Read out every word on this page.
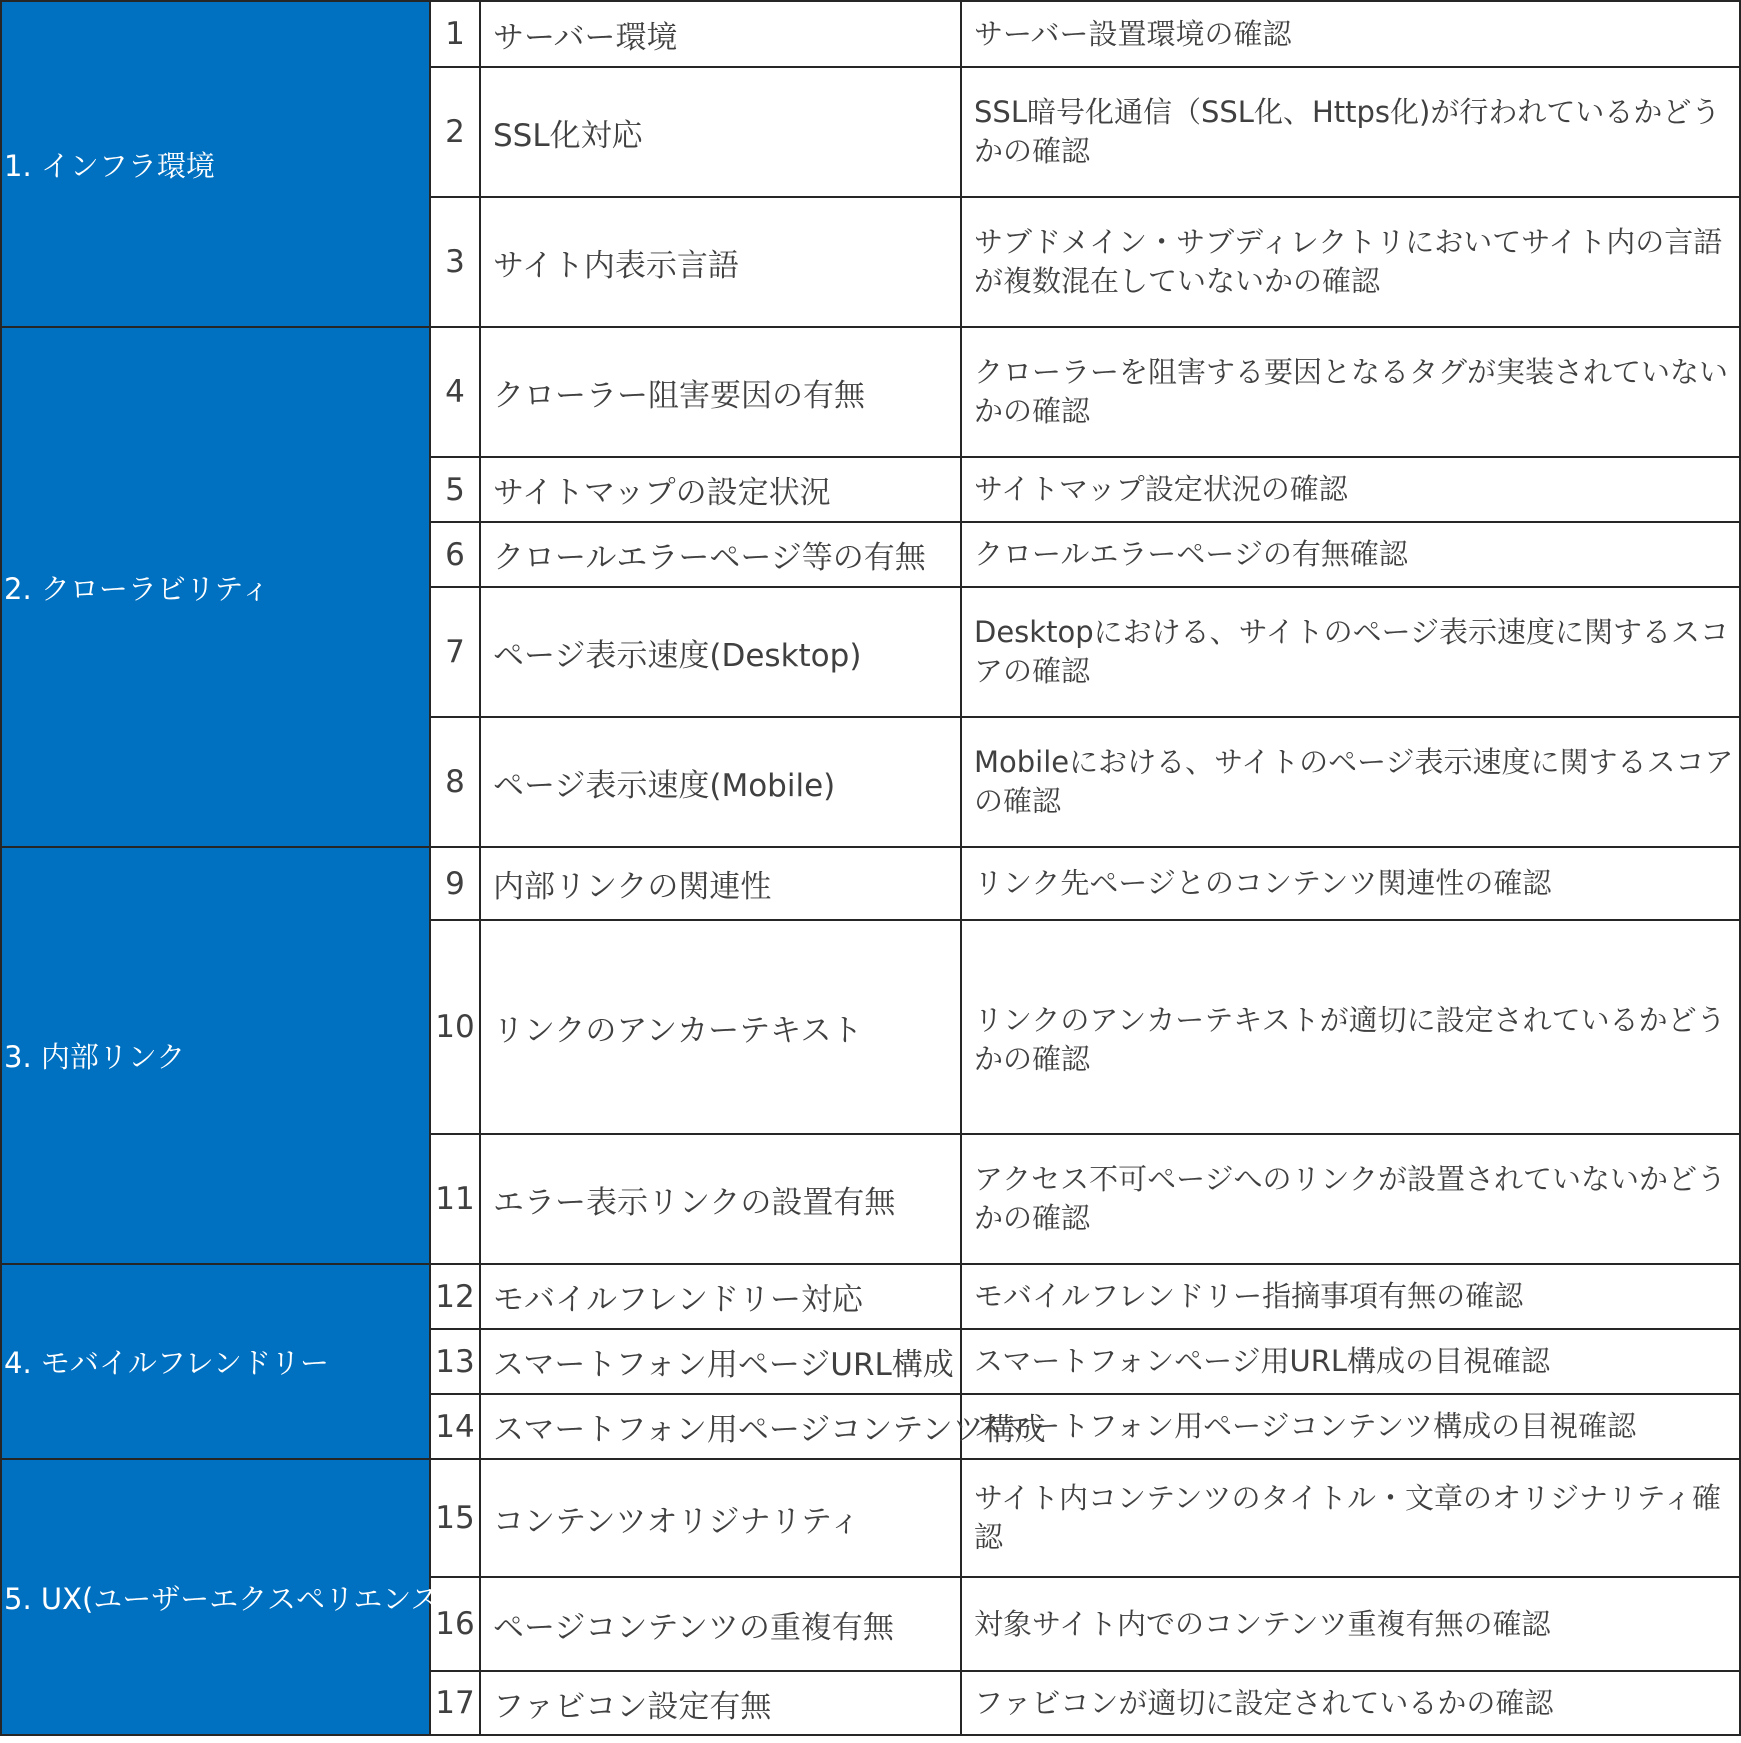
1. インフラ環境	1	サーバー環境	サーバー設置環境の確認
	2	SSL化対応	SSL暗号化通信（SSL化、Https化)が行われているかどうかの確認
	3	サイト内表示言語	サブドメイン・サブディレクトリにおいてサイト内の言語が複数混在していないかの確認
2. クローラビリティ	4	クローラー阻害要因の有無	クローラーを阻害する要因となるタグが実装されていないかの確認
	5	サイトマップの設定状況	サイトマップ設定状況の確認
	6	クロールエラーページ等の有無	クロールエラーページの有無確認
	7	ページ表示速度(Desktop)	Desktopにおける、サイトのページ表示速度に関するスコアの確認
	8	ページ表示速度(Mobile)	Mobileにおける、サイトのページ表示速度に関するスコアの確認
3. 内部リンク	9	内部リンクの関連性	リンク先ページとのコンテンツ関連性の確認
	10	リンクのアンカーテキスト	リンクのアンカーテキストが適切に設定されているかどうかの確認
	11	エラー表示リンクの設置有無	アクセス不可ページへのリンクが設置されていないかどうかの確認
4. モバイルフレンドリー	12	モバイルフレンドリー対応	モバイルフレンドリー指摘事項有無の確認
	13	スマートフォン用ページURL構成	スマートフォンページ用URL構成の目視確認
	14	スマートフォン用ページコンテンツ構成	スマートフォン用ページコンテンツ構成の目視確認
5. UX(ユーザーエクスペリエンス)	15	コンテンツオリジナリティ	サイト内コンテンツのタイトル・文章のオリジナリティ確認
	16	ページコンテンツの重複有無	対象サイト内でのコンテンツ重複有無の確認
	17	ファビコン設定有無	ファビコンが適切に設定されているかの確認
